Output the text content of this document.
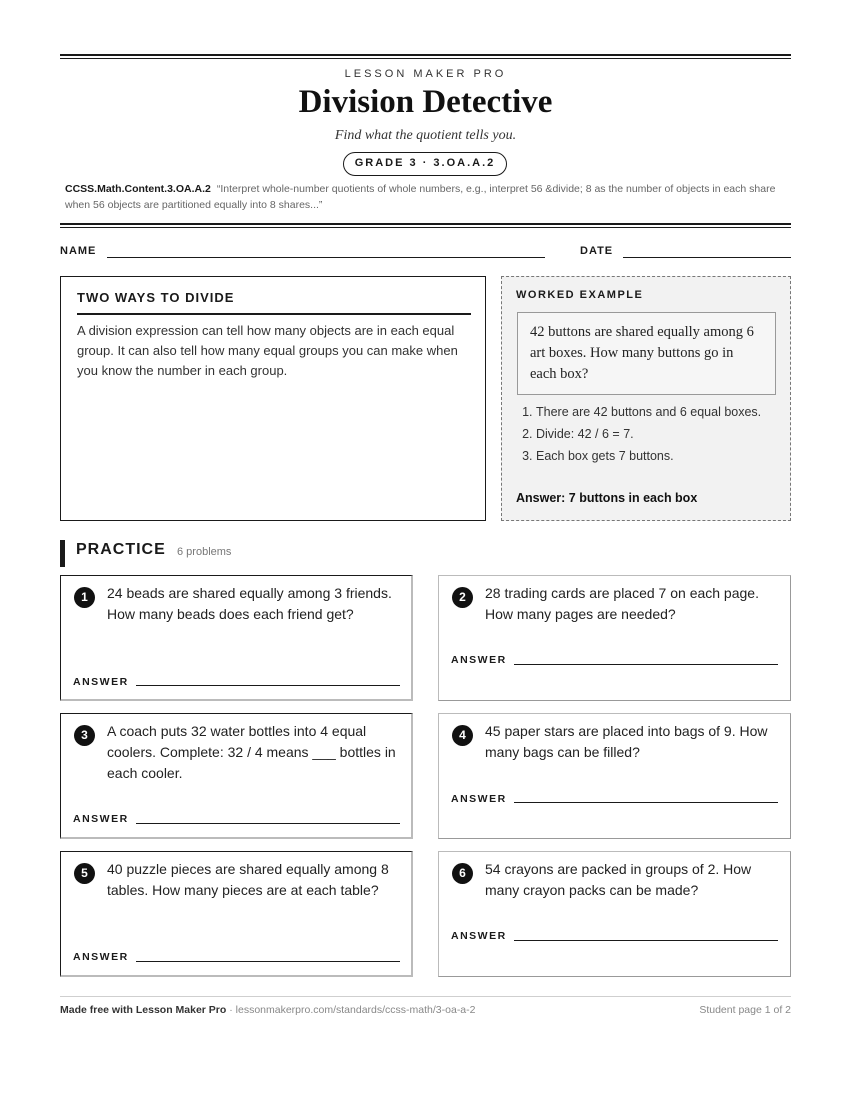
LESSON MAKER PRO
Division Detective
Find what the quotient tells you.
GRADE 3 · 3.OA.A.2
CCSS.Math.Content.3.OA.A.2 “Interpret whole-number quotients of whole numbers, e.g., interpret 56 &divide; 8 as the number of objects in each share when 56 objects are partitioned equally into 8 shares...”
NAME	DATE
TWO WAYS TO DIVIDE
A division expression can tell how many objects are in each equal group. It can also tell how many equal groups you can make when you know the number in each group.
WORKED EXAMPLE
42 buttons are shared equally among 6 art boxes. How many buttons go in each box?
1. There are 42 buttons and 6 equal boxes.
2. Divide: 42 / 6 = 7.
3. Each box gets 7 buttons.
Answer: 7 buttons in each box
PRACTICE 6 problems
1	24 beads are shared equally among 3 friends. How many beads does each friend get?
ANSWER
2	28 trading cards are placed 7 on each page. How many pages are needed?
ANSWER
3	A coach puts 32 water bottles into 4 equal coolers. Complete: 32 / 4 means ___ bottles in each cooler.
ANSWER
4	45 paper stars are placed into bags of 9. How many bags can be filled?
ANSWER
5	40 puzzle pieces are shared equally among 8 tables. How many pieces are at each table?
ANSWER
6	54 crayons are packed in groups of 2. How many crayon packs can be made?
ANSWER
Made free with Lesson Maker Pro · lessonmakerpro.com/standards/ccss-math/3-oa-a-2	Student page 1 of 2
